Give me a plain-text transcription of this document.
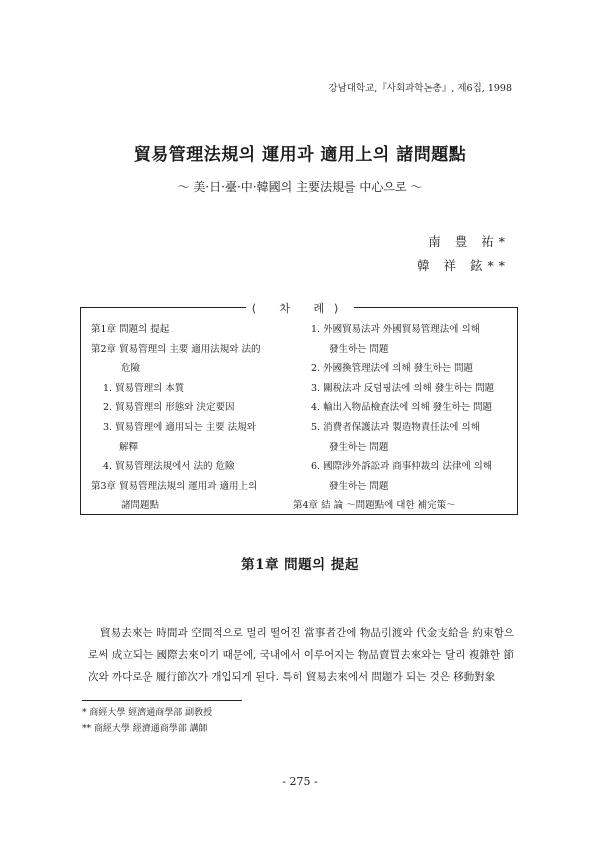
강남대학교,『사회과학논총』, 제6집, 1998
貿易管理法規의 運用과 適用上의 諸問題點
～ 美·日·臺·中·韓國의 主要法規를 中心으로 ～
南 豊 祐*
韓 祥 鉉**
第1章 問題의 提起
第2章 貿易管理의 主要 適用法規와 法的
危險
1. 貿易管理의 本質
2. 貿易管理의 形態와 決定要因
3. 貿易管理에 適用되는 主要 法規와
解釋
4. 貿易管理法規에서 法的 危險
第3章 貿易管理法規의 運用과 適用上의
諸問題點
1. 外國貿易法과 外國貿易管理法에 의해
發生하는 問題
2. 外國換管理法에 의해 發生하는 問題
3. 關稅法과 反덤핑法에 의해 發生하는 問題
4. 輸出入物品檢査法에 의해 發生하는 問題
5. 消費者保護法과 製造物責任法에 의해
發生하는 問題
6. 國際涉外訴訟과 商事仲裁의 法律에 의해
發生하는 問題
第4章 結 論 ～問題點에 대한 補完策～
⟨ 차 례⟩
第1章 問題의 提起

貿易去來는 時間과 空間적으로 멀리 떨어진 當事者간에 物品引渡와 代金支給을 約束함으로써 成立되는 國際去來이기 때문에, 국내에서 이루어지는 物品賣買去來와는 달리 複雜한 節次와 까다로운 履行節次가 개입되게 된다. 특히 貿易去來에서 問題가 되는 것은 移動對象

* 商經大學 經濟通商學部 副敎授
** 商經大學 經濟通商學部 講師
- 275 -
